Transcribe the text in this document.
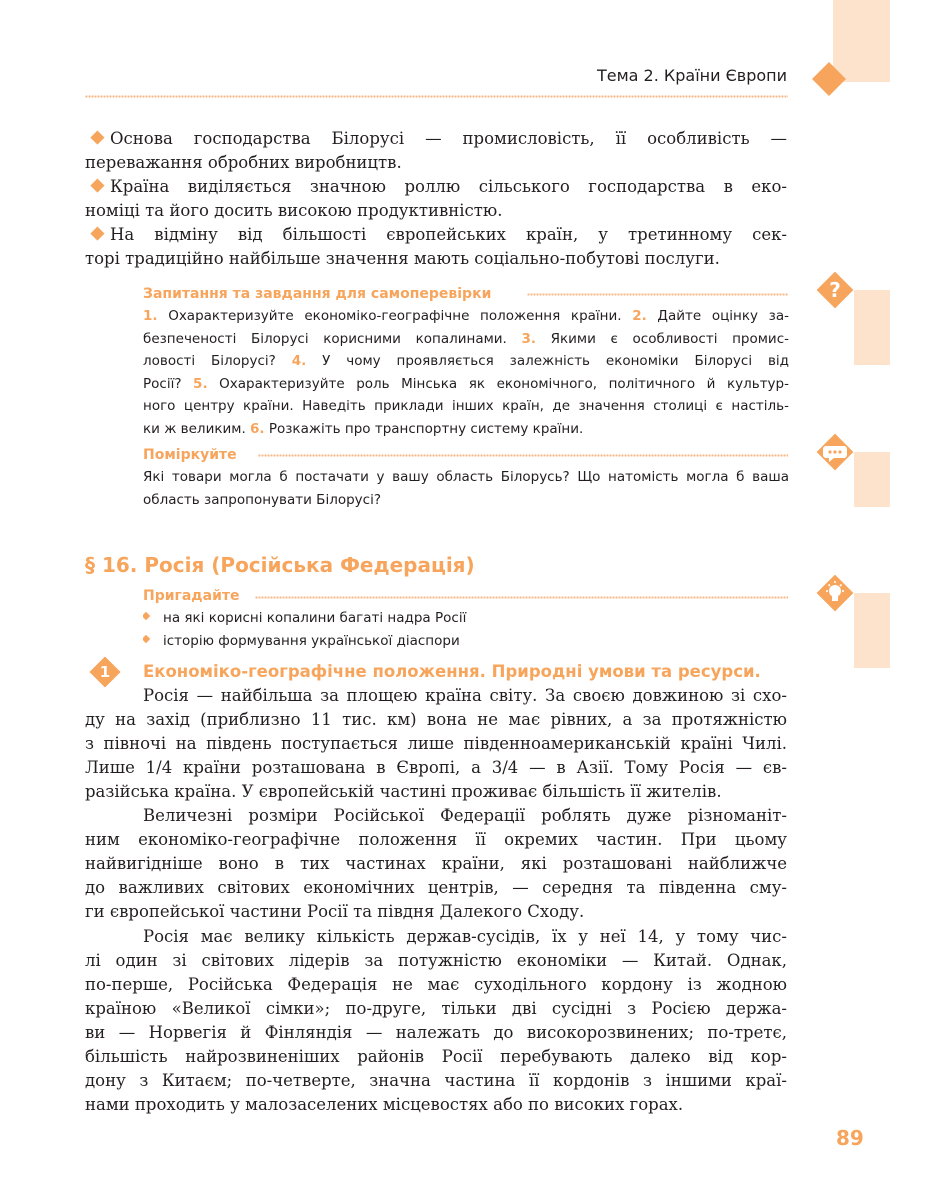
Тема 2. Країни Європи
Основа господарства Білорусі — промисловість, її особливість —
переважання обробних виробництв.
Країна виділяється значною роллю сільського господарства в еко-
номіці та його досить високою продуктивністю.
На відміну від більшості європейських країн, у третинному сек-
торі традиційно найбільше значення мають соціально-побутові послуги.
Запитання та завдання для самоперевірки
1. Охарактеризуйте економіко-географічне положення країни. 2. Дайте оцінку за-
безпеченості Білорусі корисними копалинами. 3. Якими є особливості промис-
ловості Білорусі? 4. У чому проявляється залежність економіки Білорусі від
Росії? 5. Охарактеризуйте роль Мінська як економічного, політичного й культур-
ного центру країни. Наведіть приклади інших країн, де значення столиці є настіль-
ки ж великим. 6. Розкажіть про транспортну систему країни.
?
Поміркуйте
Які товари могла б постачати у вашу область Білорусь? Що натомість могла б ваша
область запропонувати Білорусі?
§ 16. Росія (Російська Федерація)
Пригадайте
на які корисні копалини багаті надра Росії
історію формування української діаспори
1	Економіко-географічне положення. Природні умови та ресурси.
Росія — найбільша за площею країна світу. За своєю довжиною зі схо-
ду на захід (приблизно 11 тис. км) вона не має рівних, а за протяжністю
з півночі на південь поступається лише південноамериканській країні Чилі.
Лише 1/4 країни розташована в Європі, а 3/4 — в Азії. Тому Росія — єв-
разійська країна. У європейській частині проживає більшість її жителів.
Величезні розміри Російської Федерації роблять дуже різноманіт-
ним економіко-географічне положення її окремих частин. При цьому
найвигідніше воно в тих частинах країни, які розташовані найближче
до важливих світових економічних центрів, — середня та південна сму-
ги європейської частини Росії та півдня Далекого Сходу.
Росія має велику кількість держав-сусідів, їх у неї 14, у тому чис-
лі один зі світових лідерів за потужністю економіки — Китай. Однак,
по-перше, Російська Федерація не має суходільного кордону із жодною
країною «Великої сімки»; по-друге, тільки дві сусідні з Росією держа-
ви — Норвегія й Фінляндія — належать до високорозвинених; по-третє,
більшість найрозвиненіших районів Росії перебувають далеко від кор-
дону з Китаєм; по-четверте, значна частина її кордонів з іншими краї-
нами проходить у малозаселених місцевостях або по високих горах.
89
